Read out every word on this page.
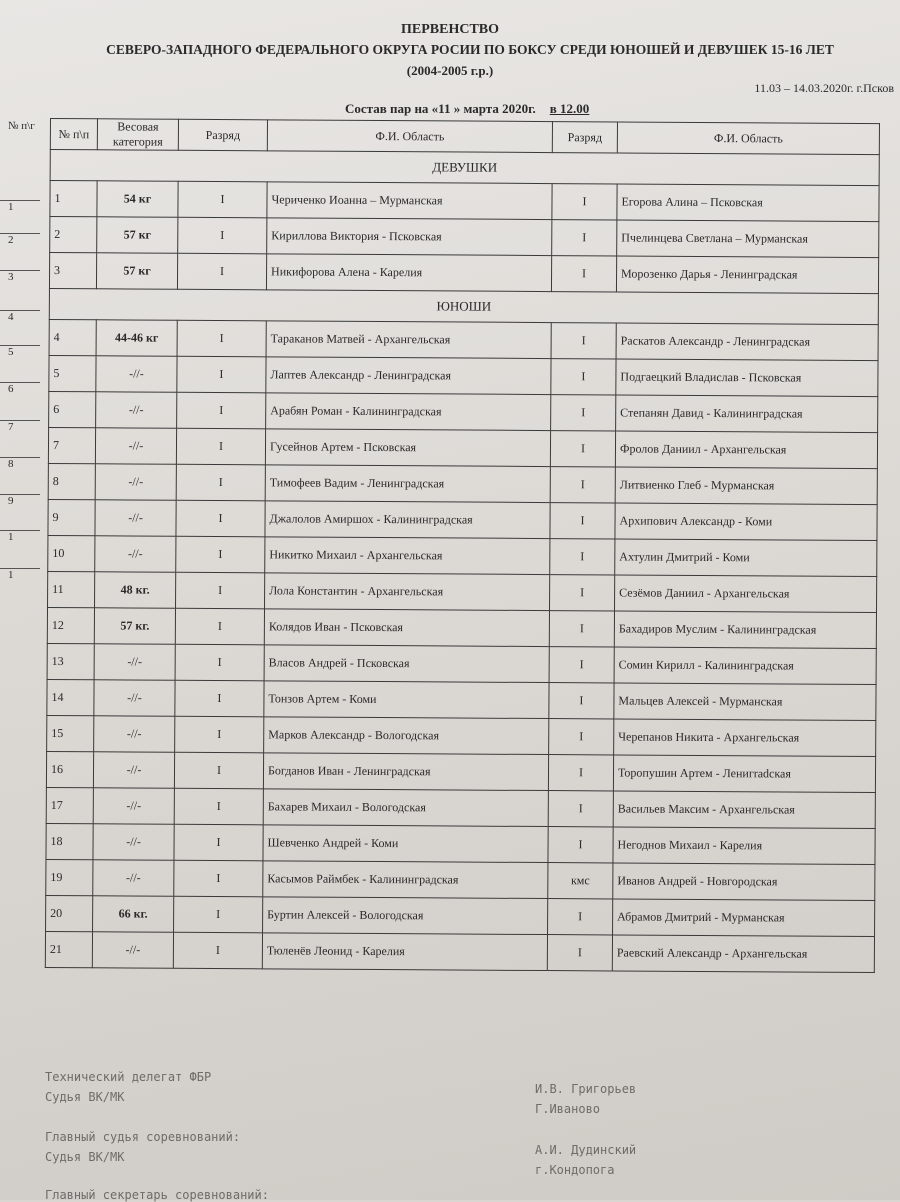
ПЕРВЕНСТВО
СЕВЕРО-ЗАПАДНОГО ФЕДЕРАЛЬНОГО ОКРУГА РОСИИ ПО БОКСУ СРЕДИ ЮНОШЕЙ И ДЕВУШЕК 15-16 ЛЕТ
(2004-2005 г.р.)
11.03 – 14.03.2020г. г.Псков
Состав пар на «11 » марта 2020г. в 12.00
№ п\г
1
2
3
4
5
6
7
8
9
1
1
№ п\п	Весовая категория	Разряд	Ф.И. Область	Разряд	Ф.И. Область
ДЕВУШКИ					
1	54 кг	I	Чериченко Иоанна – Мурманская	I	Егорова Алина – Псковская
2	57 кг	I	Кириллова Виктория - Псковская	I	Пчелинцева Светлана – Мурманская
3	57 кг	I	Никифорова Алена - Карелия	I	Морозенко Дарья - Ленинградская
ЮНОШИ					
4	44-46 кг	I	Тараканов Матвей - Архангельская	I	Раскатов Александр - Ленинградская
5	-//-	I	Лаптев Александр - Ленинградская	I	Подгаецкий Владислав - Псковская
6	-//-	I	Арабян Роман - Калининградская	I	Степанян Давид - Калининградская
7	-//-	I	Гусейнов Артем - Псковская	I	Фролов Даниил - Архангельская
8	-//-	I	Тимофеев Вадим - Ленинградская	I	Литвиенко Глеб - Мурманская
9	-//-	I	Джалолов Амиршох - Калининградская	I	Архипович Александр - Коми
10	-//-	I	Никитко Михаил - Архангельская	I	Ахтулин Дмитрий - Коми
11	48 кг.	I	Лола Константин - Архангельская	I	Сезёмов Даниил - Архангельская
12	57 кг.	I	Колядов Иван - Псковская	I	Бахадиров Муслим - Калининградская
13	-//-	I	Власов Андрей - Псковская	I	Сомин Кирилл - Калининградская
14	-//-	I	Тонзов Артем - Коми	I	Мальцев Алексей - Мурманская
15	-//-	I	Марков Александр - Вологодская	I	Черепанов Никита - Архангельская
16	-//-	I	Богданов Иван - Ленинградская	I	Торопушин Артем - Ленигradская
17	-//-	I	Бахарев Михаил - Вологодская	I	Васильев Максим - Архангельская
18	-//-	I	Шевченко Андрей - Коми	I	Негоднов Михаил - Карелия
19	-//-	I	Касымов Раймбек - Калининградская	кмс	Иванов Андрей - Новгородская
20	66 кг.	I	Буртин Алексей - Вологодская	I	Абрамов Дмитрий - Мурманская
21	-//-	I	Тюленёв Леонид - Карелия	I	Раевский Александр - Архангельская
Технический делегат ФБР
Судья ВК/МК
Главный судья соревнований:
Судья ВК/МК
И.В. Григорьев
Г.Иваново
А.И. Дудинский
г.Кондопога
Главный секретарь соревнований:
